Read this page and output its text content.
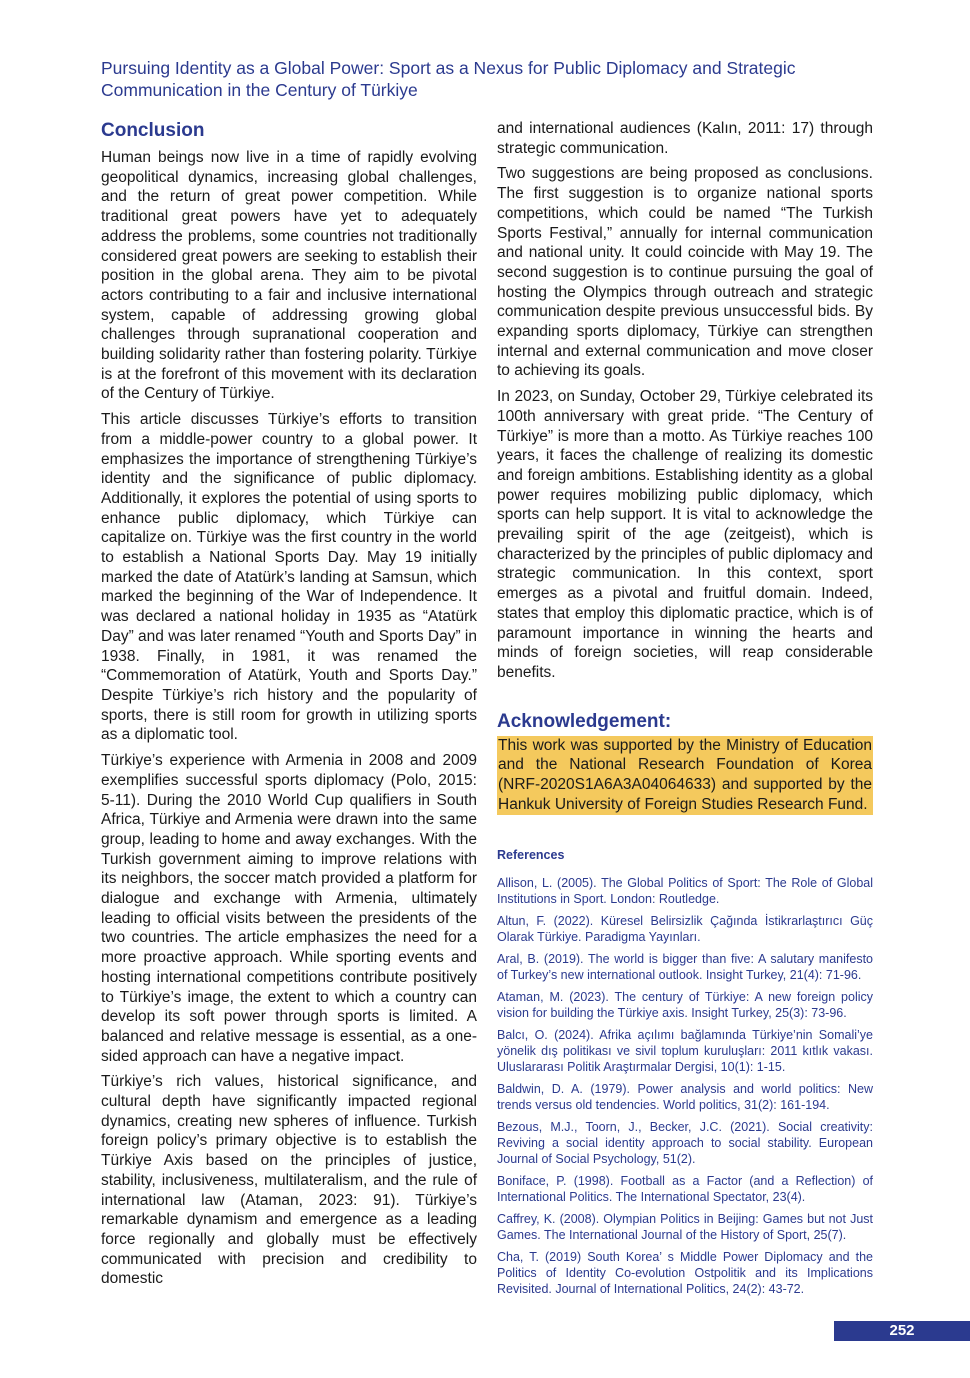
Pursuing Identity as a Global Power: Sport as a Nexus for Public Diplomacy and Strategic Communication in the Century of Türkiye
Conclusion

Human beings now live in a time of rapidly evolving geopolitical dynamics, increasing global challenges, and the return of great power competition. While traditional great powers have yet to adequately address the problems, some countries not traditionally considered great powers are seeking to establish their position in the global arena. They aim to be pivotal actors contributing to a fair and inclusive international system, capable of addressing growing global challenges through supranational cooperation and building solidarity rather than fostering polarity. Türkiye is at the forefront of this movement with its declaration of the Century of Türkiye.

This article discusses Türkiye’s efforts to transition from a middle-power country to a global power. It emphasizes the importance of strengthening Türkiye’s identity and the significance of public diplomacy. Additionally, it explores the potential of using sports to enhance public diplomacy, which Türkiye can capitalize on. Türkiye was the first country in the world to establish a National Sports Day. May 19 initially marked the date of Atatürk’s landing at Samsun, which marked the beginning of the War of Independence. It was declared a national holiday in 1935 as “Atatürk Day” and was later renamed “Youth and Sports Day” in 1938. Finally, in 1981, it was renamed the “Commemoration of Atatürk, Youth and Sports Day.” Despite Türkiye’s rich history and the popularity of sports, there is still room for growth in utilizing sports as a diplomatic tool.

Türkiye’s experience with Armenia in 2008 and 2009 exemplifies successful sports diplomacy (Polo, 2015: 5-11). During the 2010 World Cup qualifiers in South Africa, Türkiye and Armenia were drawn into the same group, leading to home and away exchanges. With the Turkish government aiming to improve relations with its neighbors, the soccer match provided a platform for dialogue and exchange with Armenia, ultimately leading to official visits between the presidents of the two countries. The article emphasizes the need for a more proactive approach. While sporting events and hosting international competitions contribute positively to Türkiye’s image, the extent to which a country can develop its soft power through sports is limited. A balanced and relative message is essential, as a one-sided approach can have a negative impact.

Türkiye’s rich values, historical significance, and cultural depth have significantly impacted regional dynamics, creating new spheres of influence. Turkish foreign policy’s primary objective is to establish the Türkiye Axis based on the principles of justice, stability, inclusiveness, multilateralism, and the rule of international law (Ataman, 2023: 91). Türkiye’s remarkable dynamism and emergence as a leading force regionally and globally must be effectively communicated with precision and credibility to domestic

and international audiences (Kalın, 2011: 17) through strategic communication.

Two suggestions are being proposed as conclusions. The first suggestion is to organize national sports competitions, which could be named “The Turkish Sports Festival,” annually for internal communication and national unity. It could coincide with May 19. The second suggestion is to continue pursuing the goal of hosting the Olympics through outreach and strategic communication despite previous unsuccessful bids. By expanding sports diplomacy, Türkiye can strengthen internal and external communication and move closer to achieving its goals.

In 2023, on Sunday, October 29, Türkiye celebrated its 100th anniversary with great pride. “The Century of Türkiye” is more than a motto. As Türkiye reaches 100 years, it faces the challenge of realizing its domestic and foreign ambitions. Establishing identity as a global power requires mobilizing public diplomacy, which sports can help support. It is vital to acknowledge the prevailing spirit of the age (zeitgeist), which is characterized by the principles of public diplomacy and strategic communication. In this context, sport emerges as a pivotal and fruitful domain. Indeed, states that employ this diplomatic practice, which is of paramount importance in winning the hearts and minds of foreign societies, will reap considerable benefits.

Acknowledgement:

This work was supported by the Ministry of Education and the National Research Foundation of Korea (NRF-2020S1A6A3A04064633) and supported by the Hankuk University of Foreign Studies Research Fund.

References

Allison, L. (2005). The Global Politics of Sport: The Role of Global Institutions in Sport. London: Routledge.

Altun, F. (2022). Küresel Belirsizlik Çağında İstikrarlaştırıcı Güç Olarak Türkiye. Paradigma Yayınları.

Aral, B. (2019). The world is bigger than five: A salutary manifesto of Turkey’s new international outlook. Insight Turkey, 21(4): 71-96.

Ataman, M. (2023). The century of Türkiye: A new foreign policy vision for building the Türkiye axis. Insight Turkey, 25(3): 73-96.

Balcı, O. (2024). Afrika açılımı bağlamında Türkiye’nin Somali’ye yönelik dış politikası ve sivil toplum kuruluşları: 2011 kıtlık vakası. Uluslararası Politik Araştırmalar Dergisi, 10(1): 1-15.

Baldwin, D. A. (1979). Power analysis and world politics: New trends versus old tendencies. World politics, 31(2): 161-194.

Bezous, M.J., Toorn, J., Becker, J.C. (2021). Social creativity: Reviving a social identity approach to social stability. European Journal of Social Psychology, 51(2).

Boniface, P. (1998). Football as a Factor (and a Reflection) of International Politics. The International Spectator, 23(4).

Caffrey, K. (2008). Olympian Politics in Beijing: Games but not Just Games. The International Journal of the History of Sport, 25(7).

Cha, T. (2019) South Korea’ s Middle Power Diplomacy and the Politics of Identity Co-evolution Ostpolitik and its Implications Revisited. Journal of International Politics, 24(2): 43-72.

252
